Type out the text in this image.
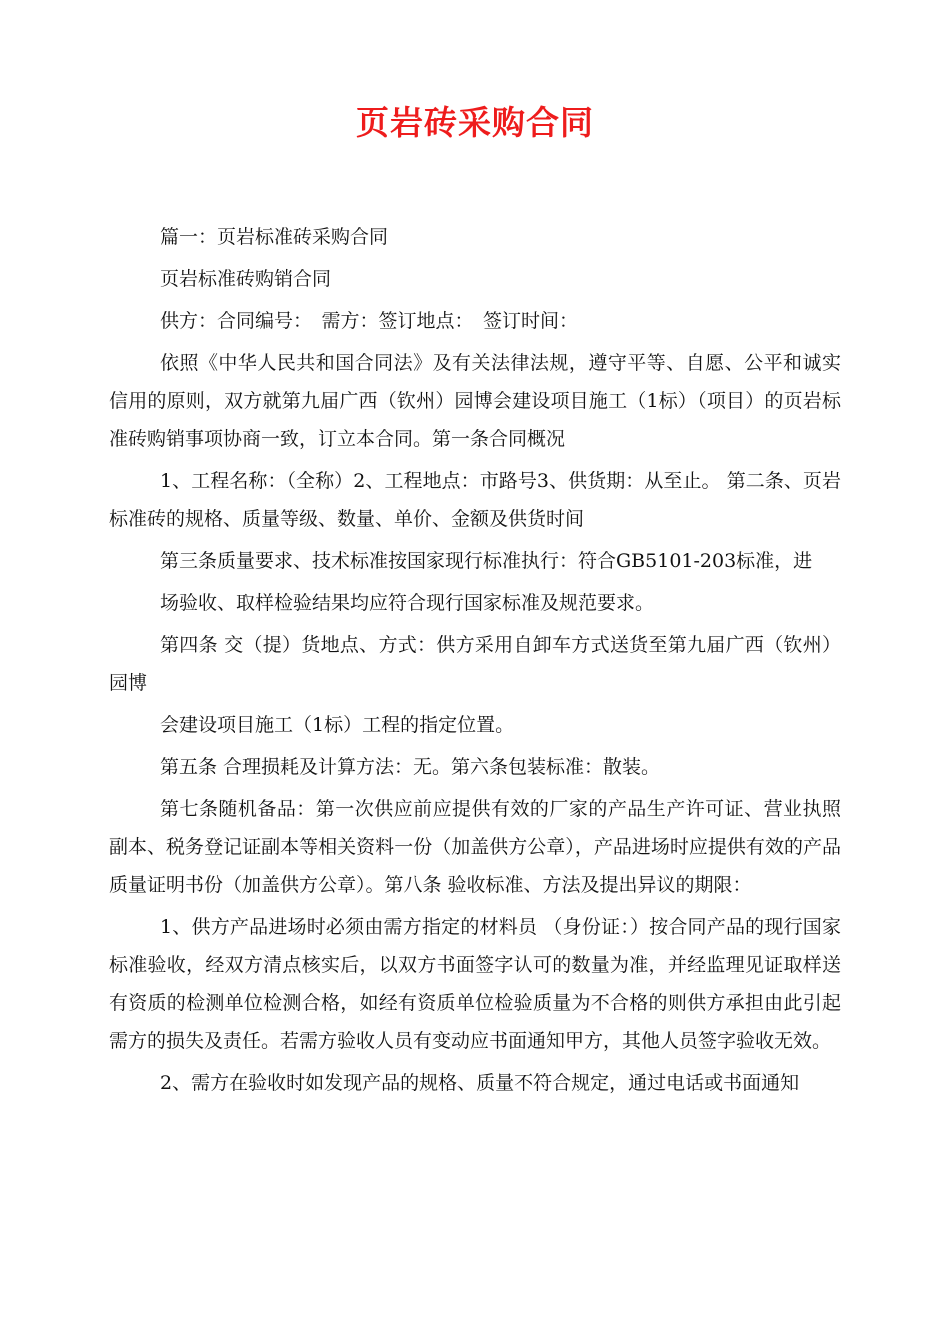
页岩砖采购合同

篇一：页岩标准砖采购合同

页岩标准砖购销合同

供方：合同编号：　需方：签订地点：　签订时间：

依照《中华人民共和国合同法》及有关法律法规，遵守平等、自愿、公平和诚实信用的原则，双方就第九届广西（钦州）园博会建设项目施工（1标）（项目）的页岩标准砖购销事项协商一致，订立本合同。第一条合同概况

1、工程名称：（全称）2、工程地点：市路号3、供货期：从至止。 第二条、页岩标准砖的规格、质量等级、数量、单价、金额及供货时间

第三条质量要求、技术标准按国家现行标准执行：符合GB5101-203标准，进

场验收、取样检验结果均应符合现行国家标准及规范要求。

第四条 交（提）货地点、方式：供方采用自卸车方式送货至第九届广西（钦州）园博

会建设项目施工（1标）工程的指定位置。

第五条 合理损耗及计算方法：无。第六条包装标准：散装。

第七条随机备品：第一次供应前应提供有效的厂家的产品生产许可证、营业执照副本、税务登记证副本等相关资料一份（加盖供方公章），产品进场时应提供有效的产品质量证明书份（加盖供方公章）。第八条 验收标准、方法及提出异议的期限：

1、供方产品进场时必须由需方指定的材料员 （身份证：）按合同产品的现行国家标准验收，经双方清点核实后，以双方书面签字认可的数量为准，并经监理见证取样送有资质的检测单位检测合格，如经有资质单位检验质量为不合格的则供方承担由此引起需方的损失及责任。若需方验收人员有变动应书面通知甲方，其他人员签字验收无效。

2、需方在验收时如发现产品的规格、质量不符合规定，通过电话或书面通知
